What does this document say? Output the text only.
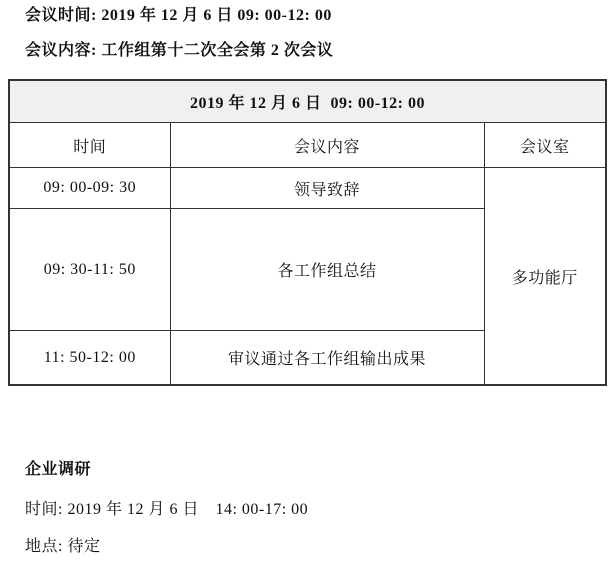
会议时间: 2019 年 12 月 6 日 09: 00-12: 00

会议内容: 工作组第十二次全会第 2 次会议

2019 年 12 月 6 日  09: 00-12: 00		
时间	会议内容	会议室
09: 00-09: 30	领导致辞	多功能厅
09: 30-11: 50	各工作组总结	
11: 50-12: 00	审议通过各工作组输出成果	

企业调研

时间: 2019 年 12 月 6 日　14: 00-17: 00

地点: 待定
